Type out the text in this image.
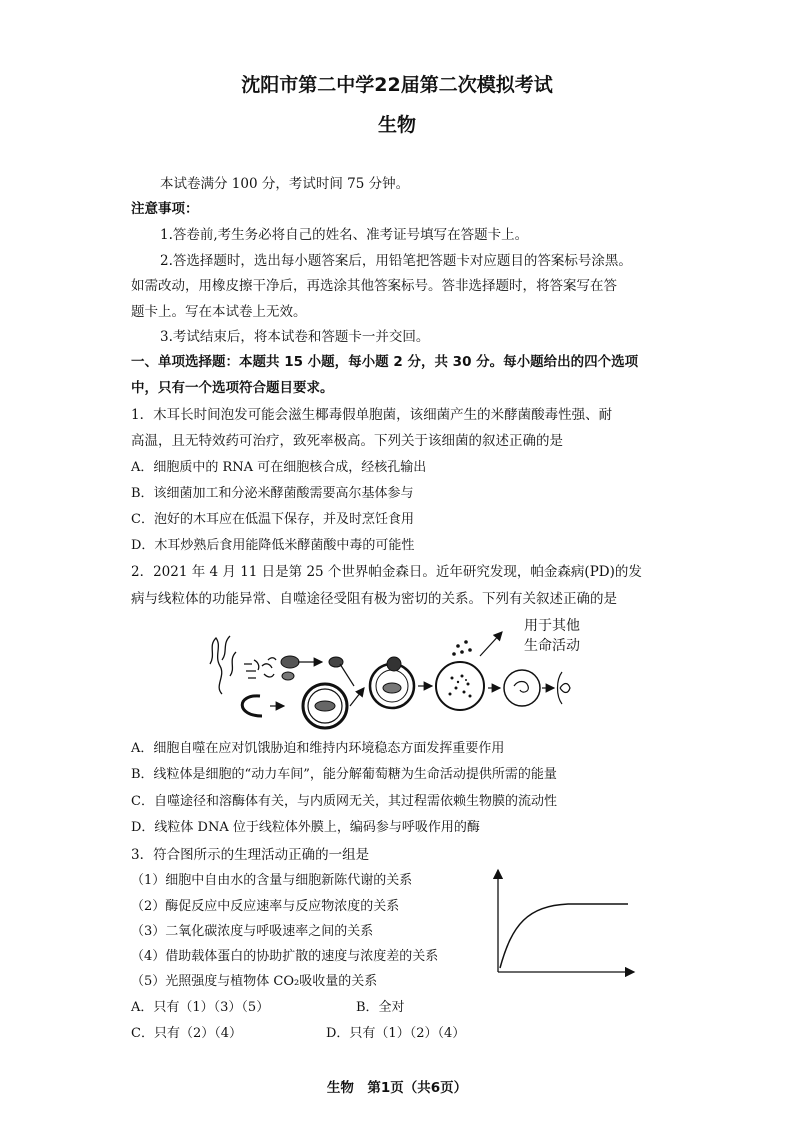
沈阳市第二中学22届第二次模拟考试
生物
本试卷满分 100 分，考试时间 75 分钟。
注意事项：
1.答卷前,考生务必将自己的姓名、准考证号填写在答题卡上。
2.答选择题时，选出每小题答案后，用铅笔把答题卡对应题目的答案标号涂黑。
如需改动，用橡皮擦干净后，再选涂其他答案标号。答非选择题时，将答案写在答
题卡上。写在本试卷上无效。
3.考试结束后，将本试卷和答题卡一并交回。
一、单项选择题：本题共 15 小题，每小题 2 分，共 30 分。每小题给出的四个选项
中，只有一个选项符合题目要求。
1．木耳长时间泡发可能会滋生椰毒假单胞菌，该细菌产生的米酵菌酸毒性强、耐
高温，且无特效药可治疗，致死率极高。下列关于该细菌的叙述正确的是
A．细胞质中的 RNA 可在细胞核合成，经核孔输出
B．该细菌加工和分泌米酵菌酸需要高尔基体参与
C．泡好的木耳应在低温下保存，并及时烹饪食用
D．木耳炒熟后食用能降低米酵菌酸中毒的可能性
2．2021 年 4 月 11 日是第 25 个世界帕金森日。近年研究发现，帕金森病(PD)的发
病与线粒体的功能异常、自噬途径受阻有极为密切的关系。下列有关叙述正确的是
用于其他
生命活动
A．细胞自噬在应对饥饿胁迫和维持内环境稳态方面发挥重要作用
B．线粒体是细胞的“动力车间”，能分解葡萄糖为生命活动提供所需的能量
C．自噬途径和溶酶体有关，与内质网无关，其过程需依赖生物膜的流动性
D．线粒体 DNA 位于线粒体外膜上，编码参与呼吸作用的酶
3．符合图所示的生理活动正确的一组是
（1）细胞中自由水的含量与细胞新陈代谢的关系
（2）酶促反应中反应速率与反应物浓度的关系
（3）二氧化碳浓度与呼吸速率之间的关系
（4）借助载体蛋白的协助扩散的速度与浓度差的关系
（5）光照强度与植物体 CO₂吸收量的关系
A．只有（1）（3）（5）	B．全对
C．只有（2）（4）	D．只有（1）（2）（4）
生物　第1页（共6页）
